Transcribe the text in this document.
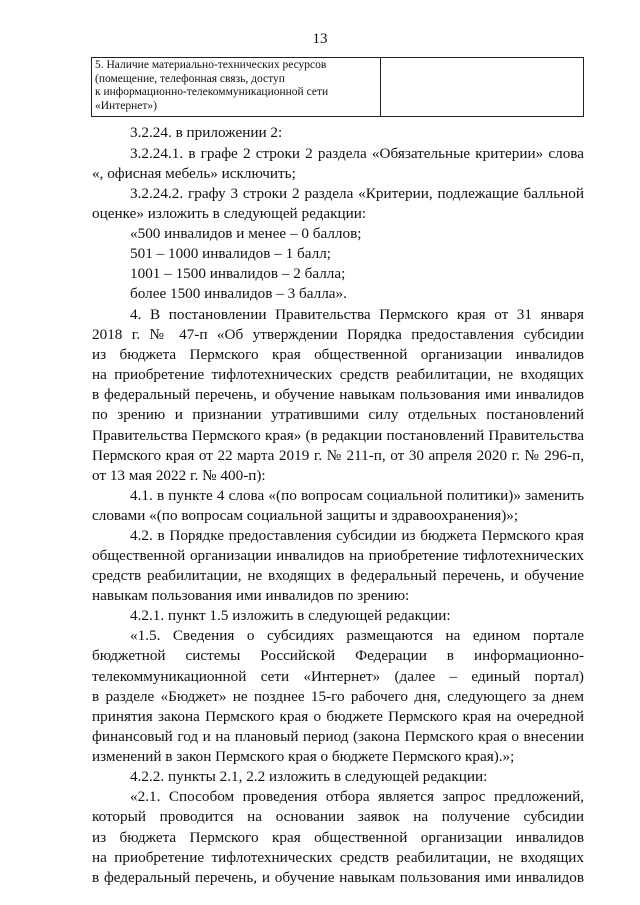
13
5. Наличие материально-технических ресурсов
(помещение, телефонная связь, доступ
к информационно-телекоммуникационной сети
«Интернет»)
3.2.24. в приложении 2:
3.2.24.1. в графе 2 строки 2 раздела «Обязательные критерии» слова
«, офисная мебель» исключить;
3.2.24.2. графу 3 строки 2 раздела «Критерии, подлежащие балльной
оценке» изложить в следующей редакции:
«500 инвалидов и менее – 0 баллов;
501 – 1000 инвалидов – 1 балл;
1001 – 1500 инвалидов – 2 балла;
более 1500 инвалидов – 3 балла».
4. В постановлении Правительства Пермского края от 31 января
2018 г. № 47-п «Об утверждении Порядка предоставления субсидии
из бюджета Пермского края общественной организации инвалидов
на приобретение тифлотехнических средств реабилитации, не входящих
в федеральный перечень, и обучение навыкам пользования ими инвалидов
по зрению и признании утратившими силу отдельных постановлений
Правительства Пермского края» (в редакции постановлений Правительства
Пермского края от 22 марта 2019 г. № 211-п, от 30 апреля 2020 г. № 296-п,
от 13 мая 2022 г. № 400-п):
4.1. в пункте 4 слова «(по вопросам социальной политики)» заменить
словами «(по вопросам социальной защиты и здравоохранения)»;
4.2. в Порядке предоставления субсидии из бюджета Пермского края
общественной организации инвалидов на приобретение тифлотехнических
средств реабилитации, не входящих в федеральный перечень, и обучение
навыкам пользования ими инвалидов по зрению:
4.2.1. пункт 1.5 изложить в следующей редакции:
«1.5. Сведения о субсидиях размещаются на едином портале
бюджетной системы Российской Федерации в информационно-
телекоммуникационной сети «Интернет» (далее – единый портал)
в разделе «Бюджет» не позднее 15-го рабочего дня, следующего за днем
принятия закона Пермского края о бюджете Пермского края на очередной
финансовый год и на плановый период (закона Пермского края о внесении
изменений в закон Пермского края о бюджете Пермского края).»;
4.2.2. пункты 2.1, 2.2 изложить в следующей редакции:
«2.1. Способом проведения отбора является запрос предложений,
который проводится на основании заявок на получение субсидии
из бюджета Пермского края общественной организации инвалидов
на приобретение тифлотехнических средств реабилитации, не входящих
в федеральный перечень, и обучение навыкам пользования ими инвалидов
